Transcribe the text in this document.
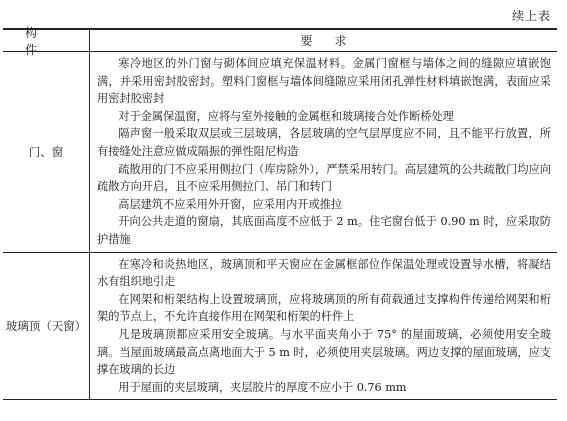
续上表
构件
要求
门、窗

寒冷地区的外门窗与砌体间应填充保温材料。金属门窗框与墙体之间的缝隙应填嵌饱满，并采用密封胶密封。塑料门窗框与墙体间缝隙应采用闭孔弹性材料填嵌饱满，表面应采用密封胶密封

对于金属保温窗，应将与室外接触的金属框和玻璃接合处作断桥处理

隔声窗一般采取双层或三层玻璃，各层玻璃的空气层厚度应不同，且不能平行放置，所有接缝处注意应做成隔振的弹性阻尼构造

疏散用的门不应采用侧拉门（库房除外），严禁采用转门。高层建筑的公共疏散门均应向疏散方向开启，且不应采用侧拉门、吊门和转门

高层建筑不应采用外开窗，应采用内开或推拉

开向公共走道的窗扇，其底面高度不应低于 2 m。住宅窗台低于 0.90 m 时，应采取防护措施

玻璃顶（天窗）

在寒冷和炎热地区，玻璃顶和平天窗应在金属框部位作保温处理或设置导水槽，将凝结水有组织地引走

在网架和桁架结构上设置玻璃顶，应将玻璃顶的所有荷载通过支撑构件传递给网架和桁架的节点上，不允许直接作用在网架和桁架的杆件上

凡是玻璃顶都应采用安全玻璃。与水平面夹角小于 75° 的屋面玻璃，必须使用安全玻璃。当屋面玻璃最高点离地面大于 5 m 时，必须使用夹层玻璃。两边支撑的屋面玻璃，应支撑在玻璃的长边

用于屋面的夹层玻璃，夹层胶片的厚度不应小于 0.76 mm
